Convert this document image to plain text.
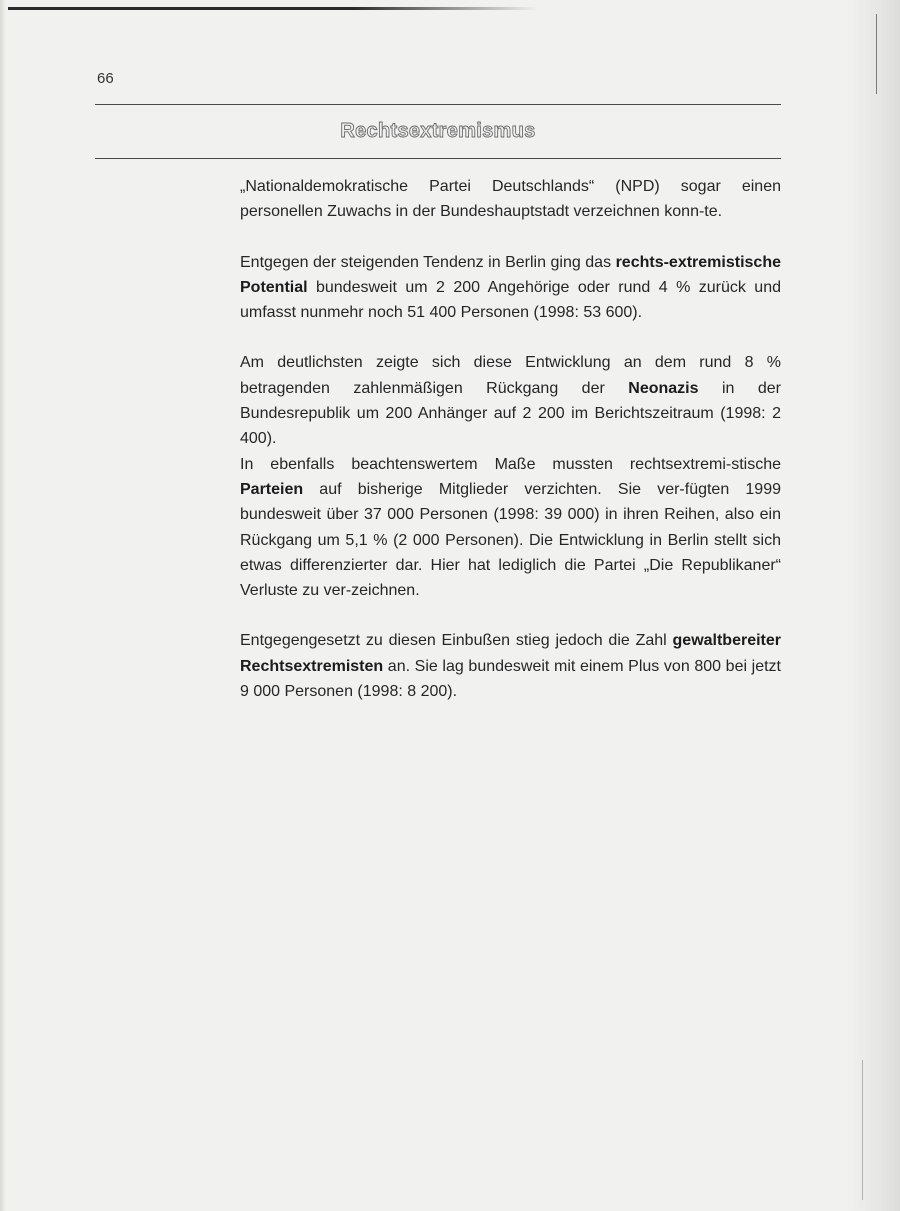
66
Rechtsextremismus

„Nationaldemokratische Partei Deutschlands“ (NPD) sogar einen personellen Zuwachs in der Bundeshauptstadt verzeichnen konn-te.

Entgegen der steigenden Tendenz in Berlin ging das rechts-extremistische Potential bundesweit um 2 200 Angehörige oder rund 4 % zurück und umfasst nunmehr noch 51 400 Personen (1998: 53 600).

Am deutlichsten zeigte sich diese Entwicklung an dem rund 8 % betragenden zahlenmäßigen Rückgang der Neonazis in der Bundesrepublik um 200 Anhänger auf 2 200 im Berichtszeitraum (1998: 2 400).

In ebenfalls beachtenswertem Maße mussten rechtsextremi-stische Parteien auf bisherige Mitglieder verzichten. Sie ver-fügten 1999 bundesweit über 37 000 Personen (1998: 39 000) in ihren Reihen, also ein Rückgang um 5,1 % (2 000 Personen). Die Entwicklung in Berlin stellt sich etwas differenzierter dar. Hier hat lediglich die Partei „Die Republikaner“ Verluste zu ver-zeichnen.

Entgegengesetzt zu diesen Einbußen stieg jedoch die Zahl gewaltbereiter Rechtsextremisten an. Sie lag bundesweit mit einem Plus von 800 bei jetzt 9 000 Personen (1998: 8 200).
